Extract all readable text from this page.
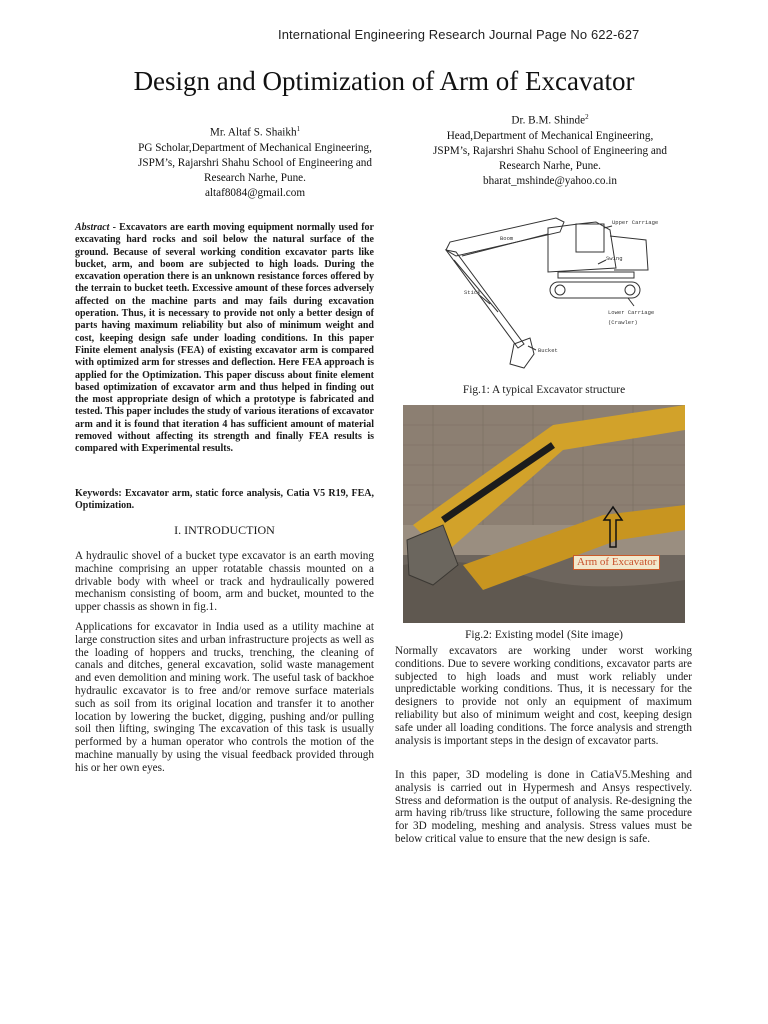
International Engineering Research Journal Page No 622-627
Design and Optimization of Arm of Excavator
Mr. Altaf S. Shaikh$^1$
PG Scholar,Department of Mechanical Engineering,
JSPM’s, Rajarshri Shahu School of Engineering and
Research Narhe, Pune.
altaf8084@gmail.com
Dr. B.M. Shinde$^2$
Head,Department of Mechanical Engineering,
JSPM’s, Rajarshri Shahu School of Engineering and
Research Narhe, Pune.
bharat_mshinde@yahoo.co.in
Abstract - Excavators are earth moving equipment normally used for excavating hard rocks and soil below the natural surface of the ground. Because of several working condition excavator parts like bucket, arm, and boom are subjected to high loads. During the excavation operation there is an unknown resistance forces offered by the terrain to bucket teeth. Excessive amount of these forces adversely affected on the machine parts and may fails during excavation operation. Thus, it is necessary to provide not only a better design of parts having maximum reliability but also of minimum weight and cost, keeping design safe under loading conditions. In this paper Finite element analysis (FEA) of existing excavator arm is compared with optimized arm for stresses and deflection. Here FEA approach is applied for the Optimization. This paper discuss about finite element based optimization of excavator arm and thus helped in finding out the most appropriate design of which a prototype is fabricated and tested. This paper includes the study of various iterations of excavator arm and it is found that iteration 4 has sufficient amount of material removed without affecting its strength and finally FEA results is compared with Experimental results.
Keywords: Excavator arm, static force analysis, Catia V5 R19, FEA, Optimization.
I. INTRODUCTION
A hydraulic shovel of a bucket type excavator is an earth moving machine comprising an upper rotatable chassis mounted on a drivable body with wheel or track and hydraulically powered mechanism consisting of boom, arm and bucket, mounted to the upper chassis as shown in fig.1.
Applications for excavator in India used as a utility machine at large construction sites and urban infrastructure projects as well as the loading of hoppers and trucks, trenching, the cleaning of canals and ditches, general excavation, solid waste management and even demolition and mining work. The useful task of backhoe hydraulic excavator is to free and/or remove surface materials such as soil from its original location and transfer it to another location by lowering the bucket, digging, pushing and/or pulling soil then lifting, swinging The excavation of this task is usually performed by a human operator who controls the motion of the machine manually by using the visual feedback provided through his or her own eyes.
Upper Carriage
Boom
Swing
Stick
Lower Carriage
(Crawler)
Bucket
Fig.1: A typical Excavator structure
Arm of Excavator
Fig.2: Existing model (Site image)
Normally excavators are working under worst working conditions. Due to severe working conditions, excavator parts are subjected to high loads and must work reliably under unpredictable working conditions. Thus, it is necessary for the designers to provide not only an equipment of maximum reliability but also of minimum weight and cost, keeping design safe under all loading conditions. The force analysis and strength analysis is important steps in the design of excavator parts.
In this paper, 3D modeling is done in CatiaV5.Meshing and analysis is carried out in Hypermesh and Ansys respectively. Stress and deformation is the output of analysis. Re-designing the arm having rib/truss like structure, following the same procedure for 3D modeling, meshing and analysis. Stress values must be below critical value to ensure that the new design is safe.
